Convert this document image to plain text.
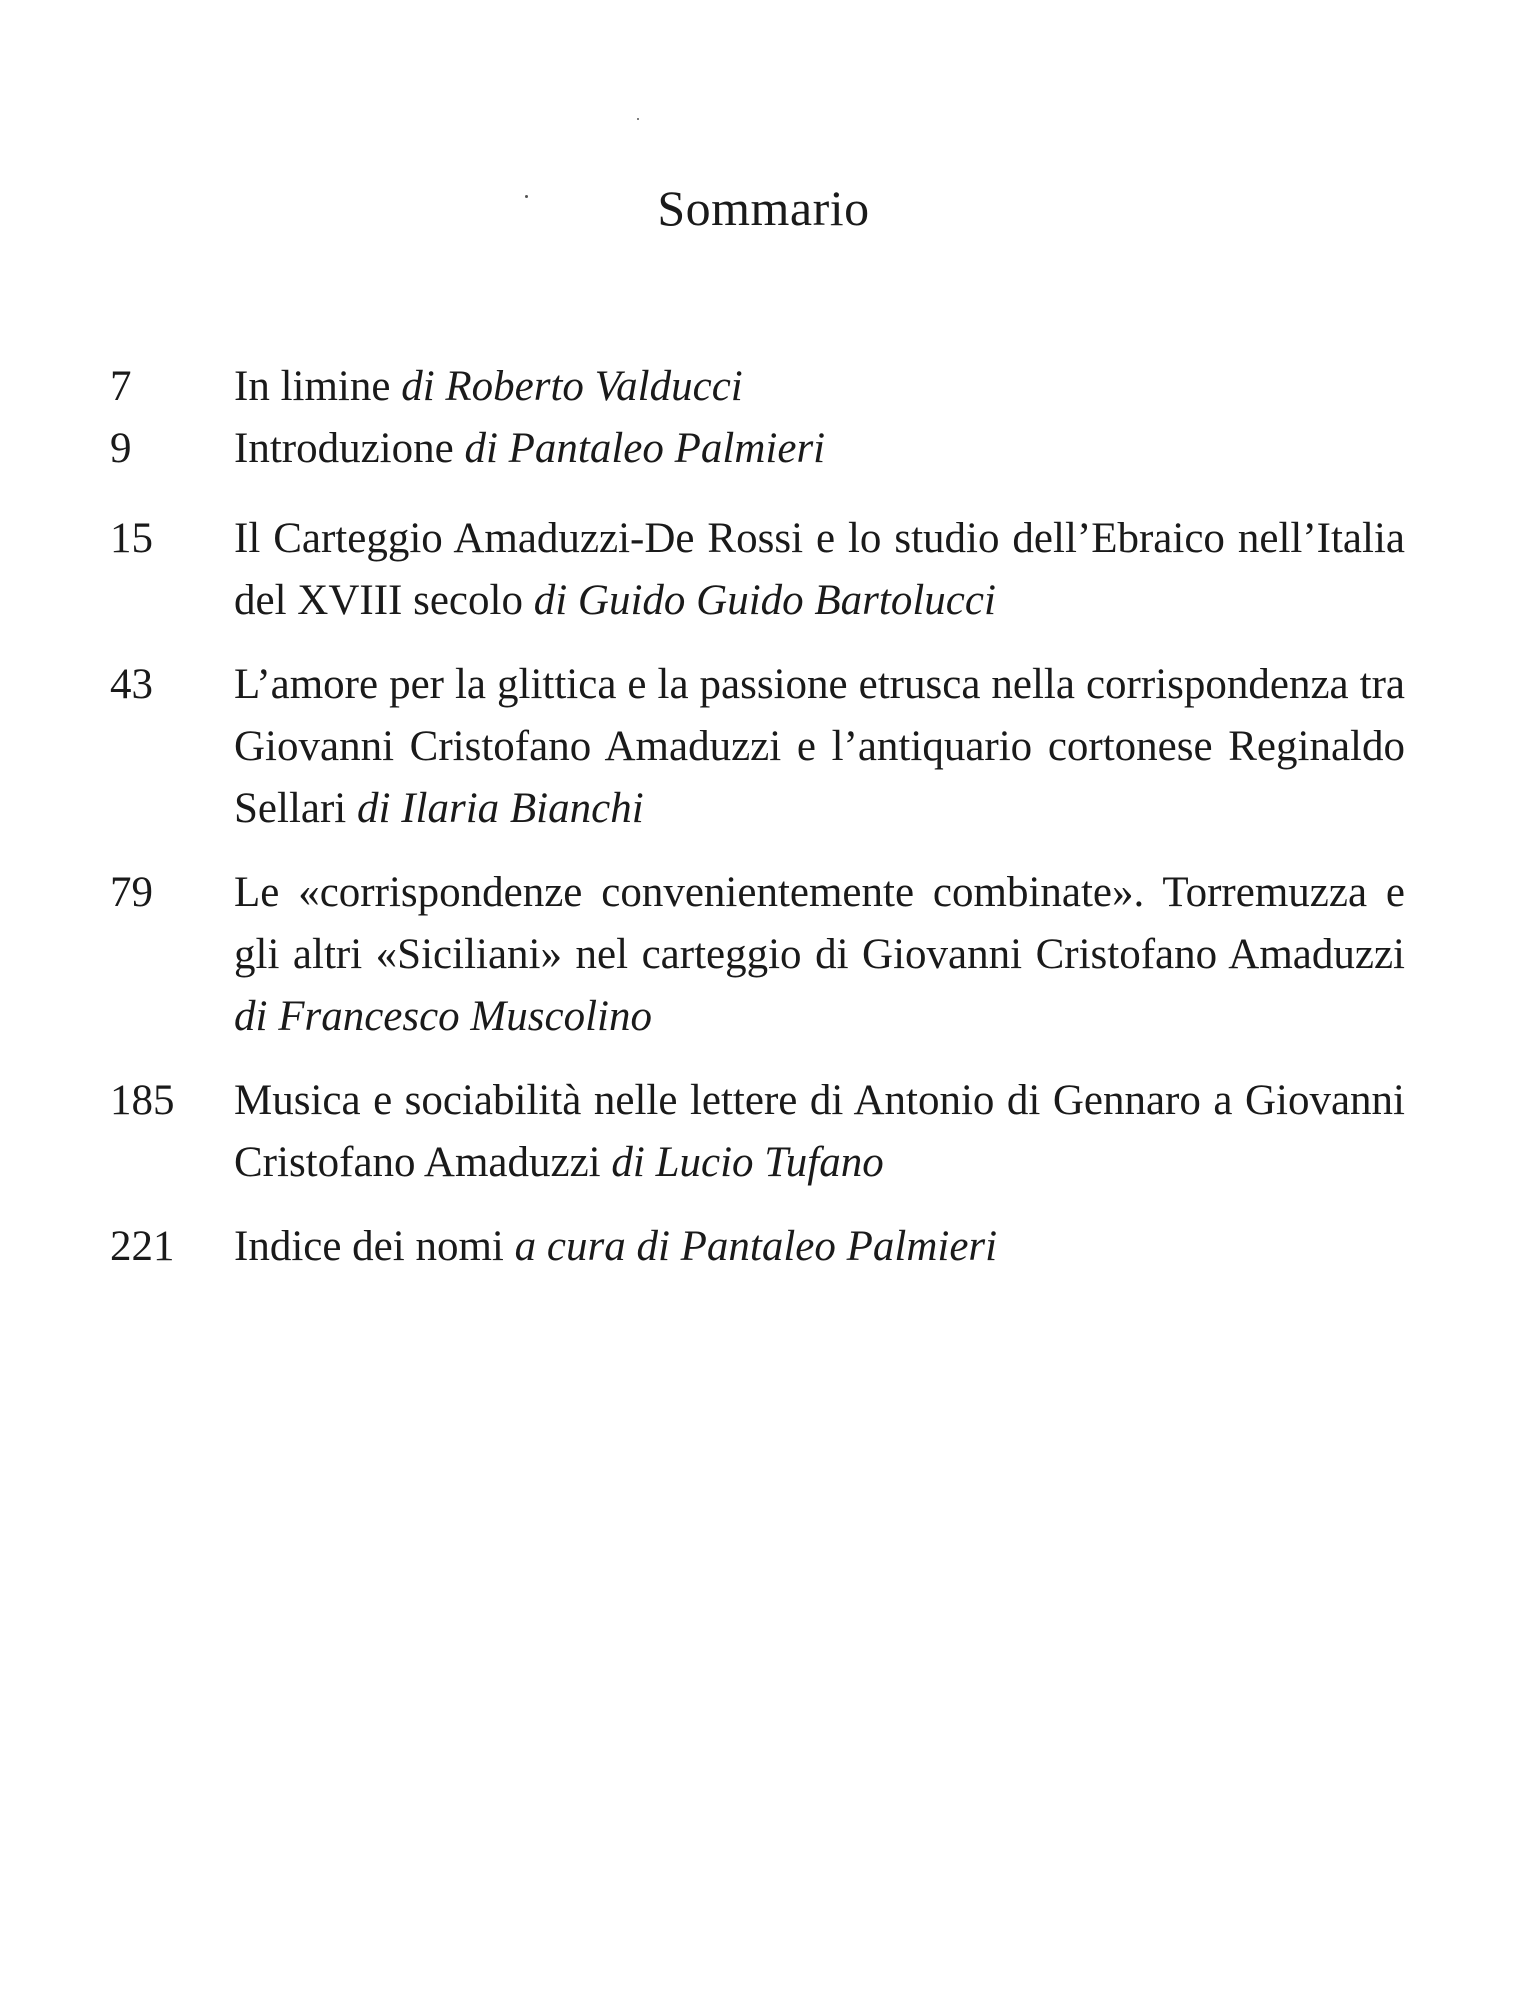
Sommario
7	In limine di Roberto Valducci
9	Introduzione di Pantaleo Palmieri
15	Il Carteggio Amaduzzi-De Rossi e lo studio dell’Ebraico nell’Italia del XVIII secolo di Guido Guido Bartolucci
43	L’amore per la glittica e la passione etrusca nella corrispondenza tra Giovanni Cristofano Amaduzzi e l’antiquario cortonese Reginaldo Sellari di Ilaria Bianchi
79	Le «corrispondenze convenientemente combinate». Torremuzza e gli altri «Siciliani» nel carteggio di Giovanni Cristofano Amaduzzi di Francesco Muscolino
185	Musica e sociabilità nelle lettere di Antonio di Gennaro a Giovanni Cristofano Amaduzzi di Lucio Tufano
221	Indice dei nomi a cura di Pantaleo Palmieri
